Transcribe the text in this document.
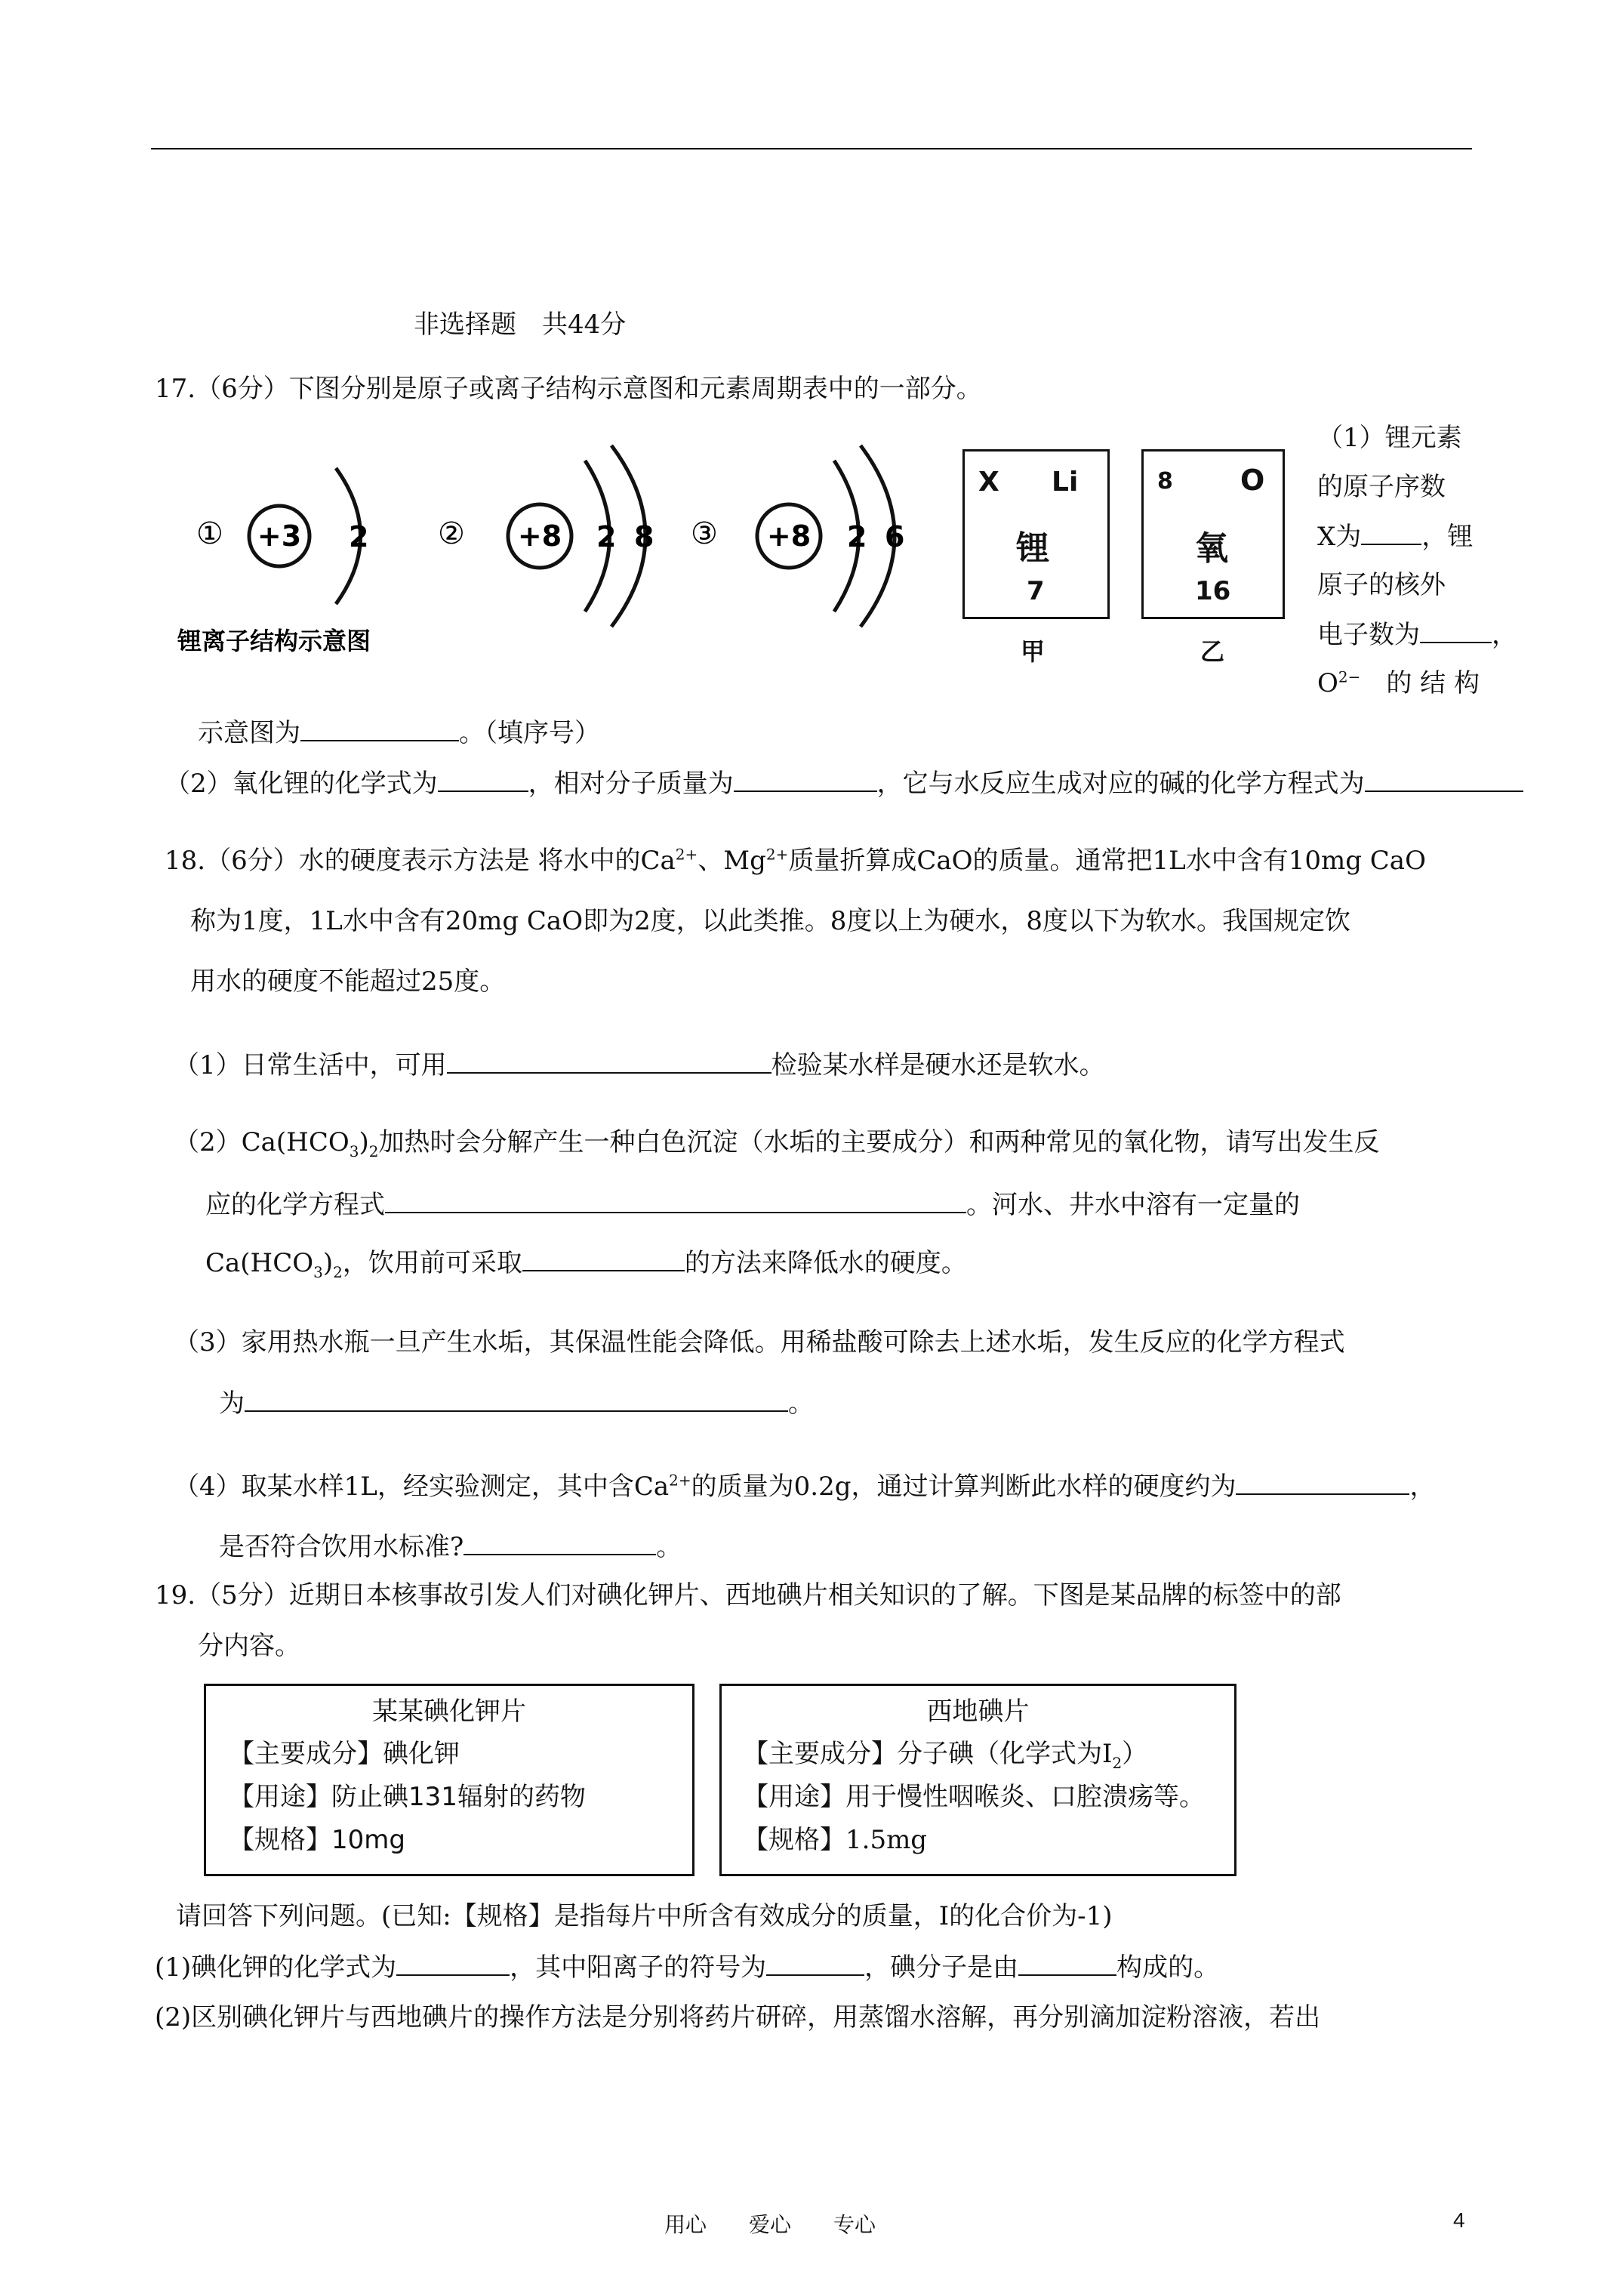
非选择题　共44分
17.（6分）下图分别是原子或离子结构示意图和元素周期表中的一部分。
① +3 2
锂离子结构示意图
② +8 2 8 ③ +8 2 6
X Li
锂
7
甲
8 O
氧
16
乙
（1）锂元素
的原子序数
X为 ，锂
原子的核外
电子数为	，
$O^{2-}$　 的 结 构
示意图为	。（填序号）
（2）氧化锂的化学式为	，相对分子质量为	，它与水反应生成对应的碱的化学方程式为
18.（6分）水的硬度表示方法是 将水中的$Ca^{2+}$、$Mg^{2+}$质量折算成CaO的质量。通常把1L水中含有10mg CaO
称为1度，1L水中含有20mg CaO即为2度，以此类推。8度以上为硬水，8度以下为软水。我国规定饮
用水的硬度不能超过25度。
（1）日常生活中，可用	检验某水样是硬水还是软水。
$(2)Ca(HCO_3)_2$加热时会分解产生一种白色沉淀（水垢的主要成分）和两种常见的氧化物，请写出发生反
应的化学方程式	。河水、井水中溶有一定量的
$Ca(HCO_3)_2$，饮用前可采取	的方法来降低水的硬度。
（3）家用热水瓶一旦产生水垢，其保温性能会降低。用稀盐酸可除去上述水垢，发生反应的化学方程式
为	。
（4）取某水样1L，经实验测定，其中含$Ca^{2+}$的质量为0.2g，通过计算判断此水样的硬度约为	，
是否符合饮用水标准?	。
19.（5分）近期日本核事故引发人们对碘化钾片、西地碘片相关知识的了解。下图是某品牌的标签中的部
分内容。
某某碘化钾片
【主要成分】碘化钾
【用途】防止碘131辐射的药物
【规格】10mg
西地碘片
【主要成分】分子碘（化学式为$I_2$）
【用途】用于慢性咽喉炎、口腔溃疡等。
【规格】1.5mg
请回答下列问题。(已知:【规格】是指每片中所含有效成分的质量，I的化合价为-1)
(1)碘化钾的化学式为	，其中阳离子的符号为	，碘分子是由	构成的。
(2)区别碘化钾片与西地碘片的操作方法是分别将药片研碎，用蒸馏水溶解，再分别滴加淀粉溶液，若出
用心　　爱心　　专心	4
